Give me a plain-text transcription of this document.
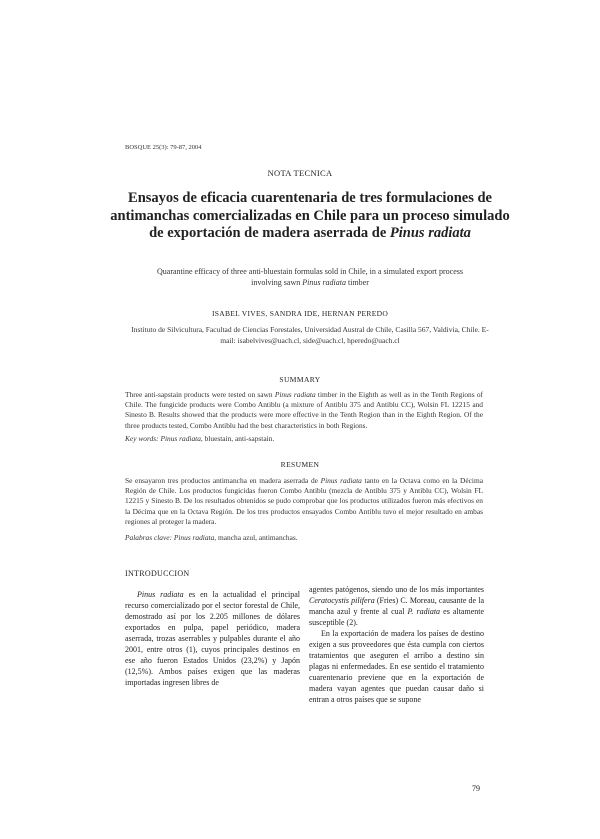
BOSQUE 25(3): 79-87, 2004
NOTA TECNICA
Ensayos de eficacia cuarentenaria de tres formulaciones de antimanchas comercializadas en Chile para un proceso simulado de exportación de madera aserrada de Pinus radiata
Quarantine efficacy of three anti-bluestain formulas sold in Chile, in a simulated export process involving sawn Pinus radiata timber
ISABEL VIVES, SANDRA IDE, HERNAN PEREDO
Instituto de Silvicultura, Facultad de Ciencias Forestales, Universidad Austral de Chile, Casilla 567, Valdivia, Chile. E-mail: isabelvives@uach.cl, side@uach.cl, hperedo@uach.cl
SUMMARY
Three anti-sapstain products were tested on sawn Pinus radiata timber in the Eighth as well as in the Tenth Regions of Chile. The fungicide products were Combo Antiblu (a mixture of Antiblu 375 and Antiblu CC), Wolsin FL 12215 and Sinesto B. Results showed that the products were more effective in the Tenth Region than in the Eighth Region. Of the three products tested, Combo Antiblu had the best characteristics in both Regions.
Key words: Pinus radiata, bluestain, anti-sapstain.
RESUMEN
Se ensayaron tres productos antimancha en madera aserrada de Pinus radiata tanto en la Octava como en la Décima Región de Chile. Los productos fungicidas fueron Combo Antiblu (mezcla de Antiblu 375 y Antiblu CC), Wolsin FL 12215 y Sinesto B. De los resultados obtenidos se pudo comprobar que los productos utilizados fueron más efectivos en la Décima que en la Octava Región. De los tres productos ensayados Combo Antiblu tuvo el mejor resultado en ambas regiones al proteger la madera.
Palabras clave: Pinus radiata, mancha azul, antimanchas.
INTRODUCCION

Pinus radiata es en la actualidad el principal recurso comercializado por el sector forestal de Chile, demostrado así por los 2.205 millones de dólares exportados en pulpa, papel periódico, madera aserrada, trozas aserrables y pulpables durante el año 2001, entre otros (1), cuyos principales destinos en ese año fueron Estados Unidos (23,2%) y Japón (12,5%). Ambos países exigen que las maderas importadas ingresen libres de

agentes patógenos, siendo uno de los más importantes Ceratocystis pilifera (Fries) C. Moreau, causante de la mancha azul y frente al cual P. radiata es altamente susceptible (2).

En la exportación de madera los países de destino exigen a sus proveedores que ésta cumpla con ciertos tratamientos que aseguren el arribo a destino sin plagas ni enfermedades. En ese sentido el tratamiento cuarentenario previene que en la exportación de madera vayan agentes que puedan causar daño si entran a otros países que se supone

79
